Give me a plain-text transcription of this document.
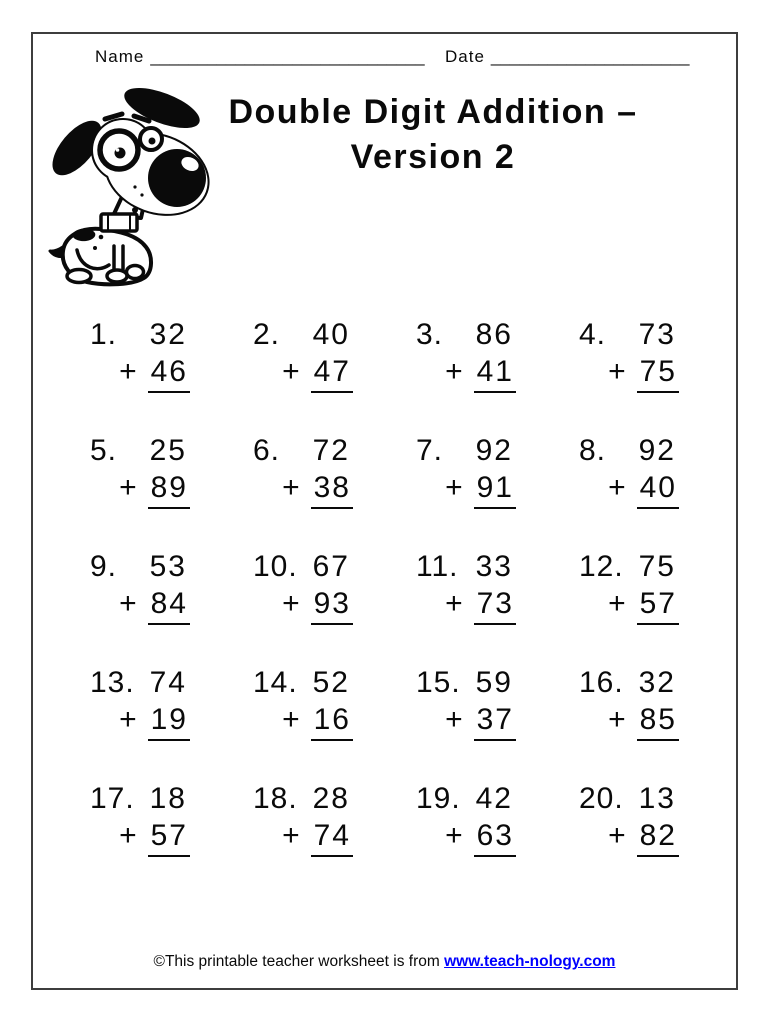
Name _____________________________ Date _____________________
Double Digit Addition –
Version 2
1. 32
+ 46
2. 40
+ 47
3. 86
+ 41
4. 73
+ 75
5. 25
+ 89
6. 72
+ 38
7. 92
+ 91
8. 92
+ 40
9. 53
+ 84
10. 67
+ 93
11. 33
+ 73
12. 75
+ 57
13. 74
+ 19
14. 52
+ 16
15. 59
+ 37
16. 32
+ 85
17. 18
+ 57
18. 28
+ 74
19. 42
+ 63
20. 13
+ 82
©This printable teacher worksheet is from www.teach-nology.com
